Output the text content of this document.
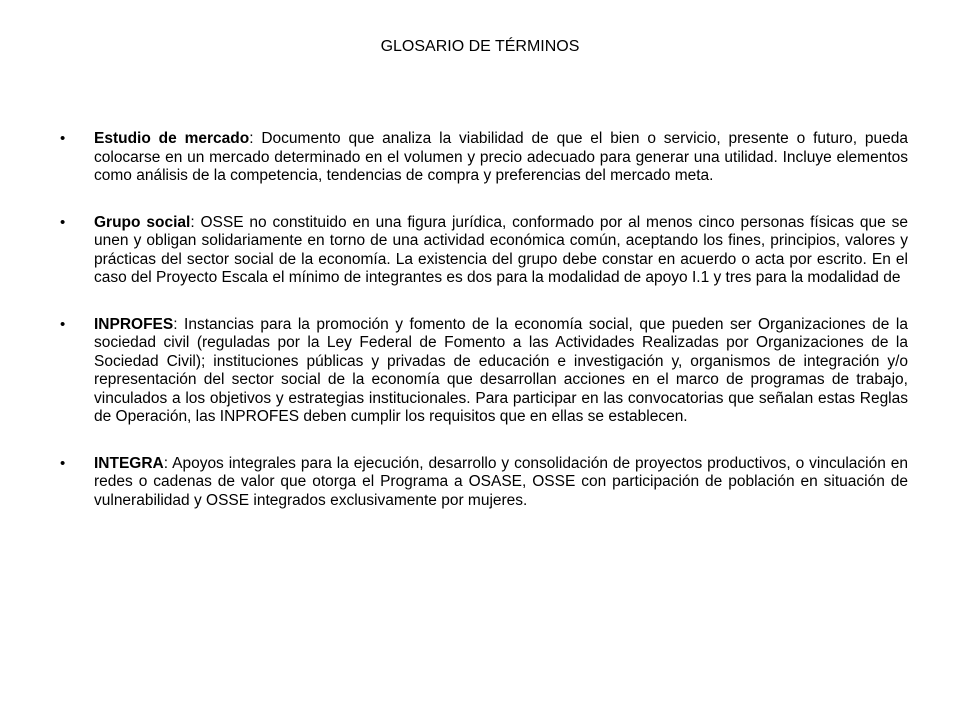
GLOSARIO DE TÉRMINOS
• Estudio de mercado: Documento que analiza la viabilidad de que el bien o servicio, presente o futuro, pueda colocarse en un mercado determinado en el volumen y precio adecuado para generar una utilidad. Incluye elementos como análisis de la competencia, tendencias de compra y preferencias del mercado meta.
• Grupo social: OSSE no constituido en una figura jurídica, conformado por al menos cinco personas físicas que se unen y obligan solidariamente en torno de una actividad económica común, aceptando los fines, principios, valores y prácticas del sector social de la economía. La existencia del grupo debe constar en acuerdo o acta por escrito. En el caso del Proyecto Escala el mínimo de integrantes es dos para la modalidad de apoyo I.1 y tres para la modalidad de
• INPROFES: Instancias para la promoción y fomento de la economía social, que pueden ser Organizaciones de la sociedad civil (reguladas por la Ley Federal de Fomento a las Actividades Realizadas por Organizaciones de la Sociedad Civil); instituciones públicas y privadas de educación e investigación y, organismos de integración y/o representación del sector social de la economía que desarrollan acciones en el marco de programas de trabajo, vinculados a los objetivos y estrategias institucionales. Para participar en las convocatorias que señalan estas Reglas de Operación, las INPROFES deben cumplir los requisitos que en ellas se establecen.
• INTEGRA: Apoyos integrales para la ejecución, desarrollo y consolidación de proyectos productivos, o vinculación en redes o cadenas de valor que otorga el Programa a OSASE, OSSE con participación de población en situación de vulnerabilidad y OSSE integrados exclusivamente por mujeres.
